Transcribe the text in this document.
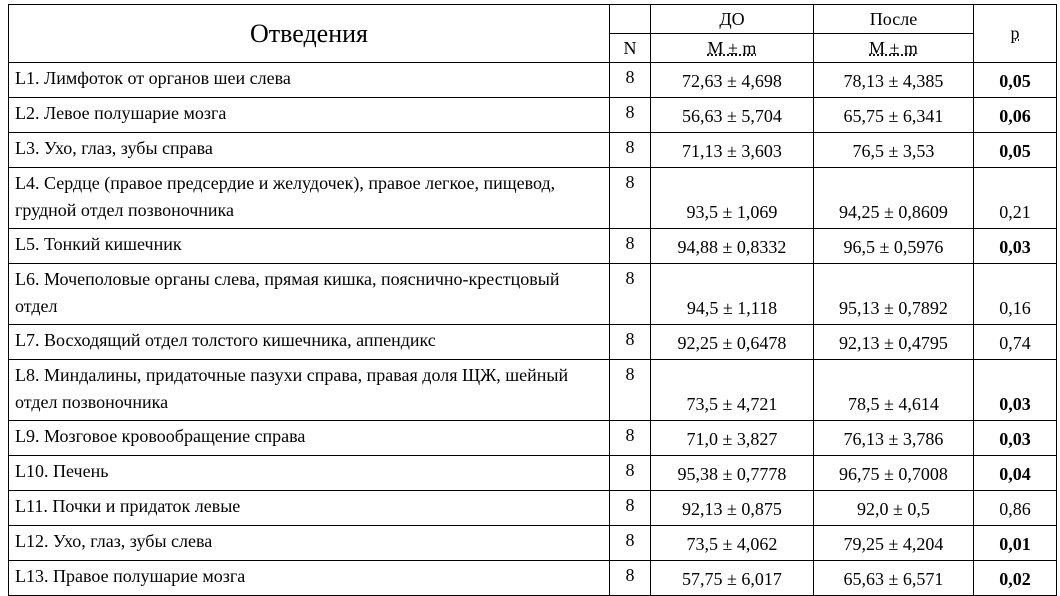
Отведения		ДО	После	p
	N	M ± m	M ± m	
L1. Лимфоток от органов шеи слева	8	72,63 ± 4,698	78,13 ± 4,385	0,05
L2. Левое полушарие мозга	8	56,63 ± 5,704	65,75 ± 6,341	0,06
L3. Ухо, глаз, зубы справа	8	71,13 ± 3,603	76,5 ± 3,53	0,05
L4. Сердце (правое предсердие и желудочек), правое легкое, пищевод, грудной отдел позвоночника	8	93,5 ± 1,069	94,25 ± 0,8609	0,21
L5. Тонкий кишечник	8	94,88 ± 0,8332	96,5 ± 0,5976	0,03
L6. Мочеполовые органы слева, прямая кишка, пояснично-крестцовый отдел	8	94,5 ± 1,118	95,13 ± 0,7892	0,16
L7. Восходящий отдел толстого кишечника, аппендикс	8	92,25 ± 0,6478	92,13 ± 0,4795	0,74
L8. Миндалины, придаточные пазухи справа, правая доля ЩЖ, шейный отдел позвоночника	8	73,5 ± 4,721	78,5 ± 4,614	0,03
L9. Мозговое кровообращение справа	8	71,0 ± 3,827	76,13 ± 3,786	0,03
L10. Печень	8	95,38 ± 0,7778	96,75 ± 0,7008	0,04
L11. Почки и придаток левые	8	92,13 ± 0,875	92,0 ± 0,5	0,86
L12. Ухо, глаз, зубы слева	8	73,5 ± 4,062	79,25 ± 4,204	0,01
L13. Правое полушарие мозга	8	57,75 ± 6,017	65,63 ± 6,571	0,02
